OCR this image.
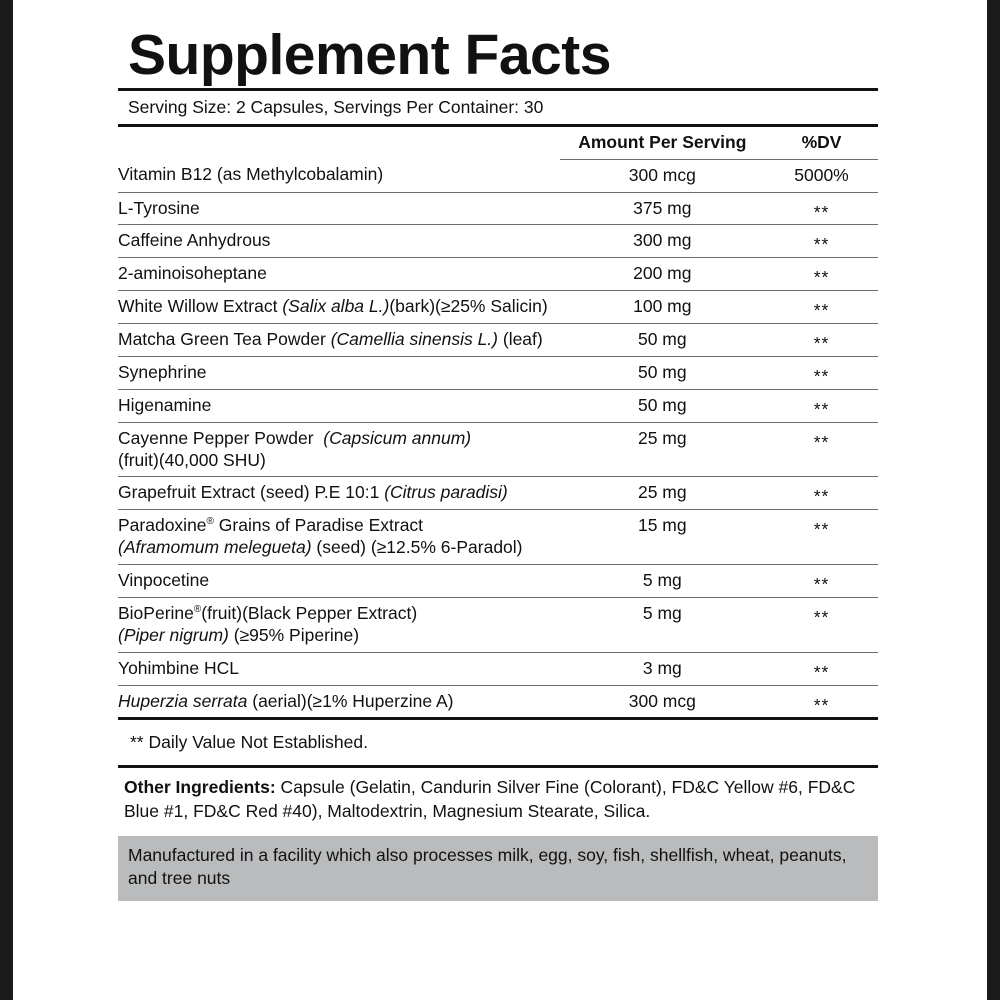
Supplement Facts
Serving Size: 2 Capsules, Servings Per Container: 30
	Amount Per Serving	%DV
Vitamin B12 (as Methylcobalamin)	300 mcg	5000%
L-Tyrosine	375 mg	**
Caffeine Anhydrous	300 mg	**
2-aminoisoheptane	200 mg	**
White Willow Extract (Salix alba L.)(bark)(≥25% Salicin)	100 mg	**
Matcha Green Tea Powder (Camellia sinensis L.) (leaf)	50 mg	**
Synephrine	50 mg	**
Higenamine	50 mg	**
Cayenne Pepper Powder  (Capsicum annum)
(fruit)(40,000 SHU)	25 mg	**
Grapefruit Extract (seed) P.E 10:1 (Citrus paradisi)	25 mg	**
Paradoxine® Grains of Paradise Extract
(Aframomum melegueta) (seed) (≥12.5% 6-Paradol)	15 mg	**
Vinpocetine	5 mg	**
BioPerine®(fruit)(Black Pepper Extract)
(Piper nigrum) (≥95% Piperine)	5 mg	**
Yohimbine HCL	3 mg	**
Huperzia serrata (aerial)(≥1% Huperzine A)	300 mcg	**
** Daily Value Not Established.
Other Ingredients: Capsule (Gelatin, Candurin Silver Fine (Colorant), FD&C Yellow #6, FD&C Blue #1, FD&C Red #40), Maltodextrin, Magnesium Stearate, Silica.
Manufactured in a facility which also processes milk, egg, soy, fish, shellfish, wheat, peanuts, and tree nuts
